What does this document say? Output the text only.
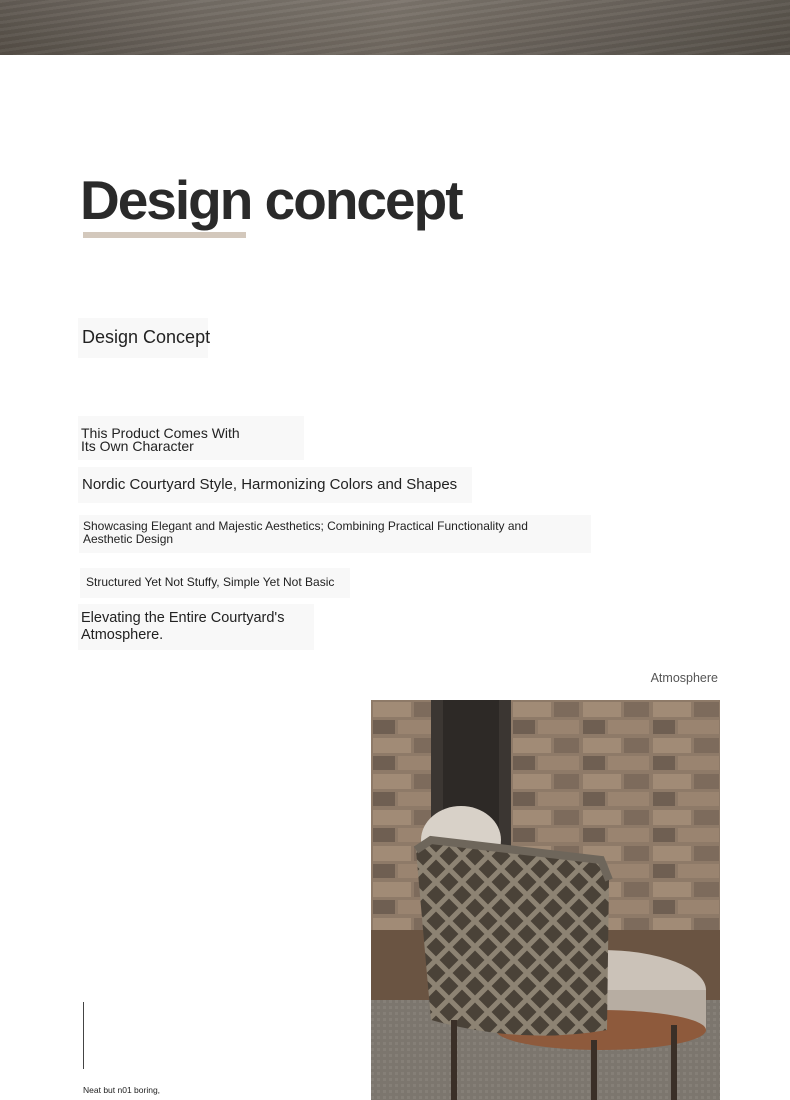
Design concept
Design Concept
This Product Comes With
Its Own Character
Nordic Courtyard Style, Harmonizing Colors and Shapes
Showcasing Elegant and Majestic Aesthetics; Combining Practical Functionality and Aesthetic Design
Structured Yet Not Stuffy, Simple Yet Not Basic
Elevating the Entire Courtyard's
Atmosphere.
Atmosphere
Neat but n01 boring,
